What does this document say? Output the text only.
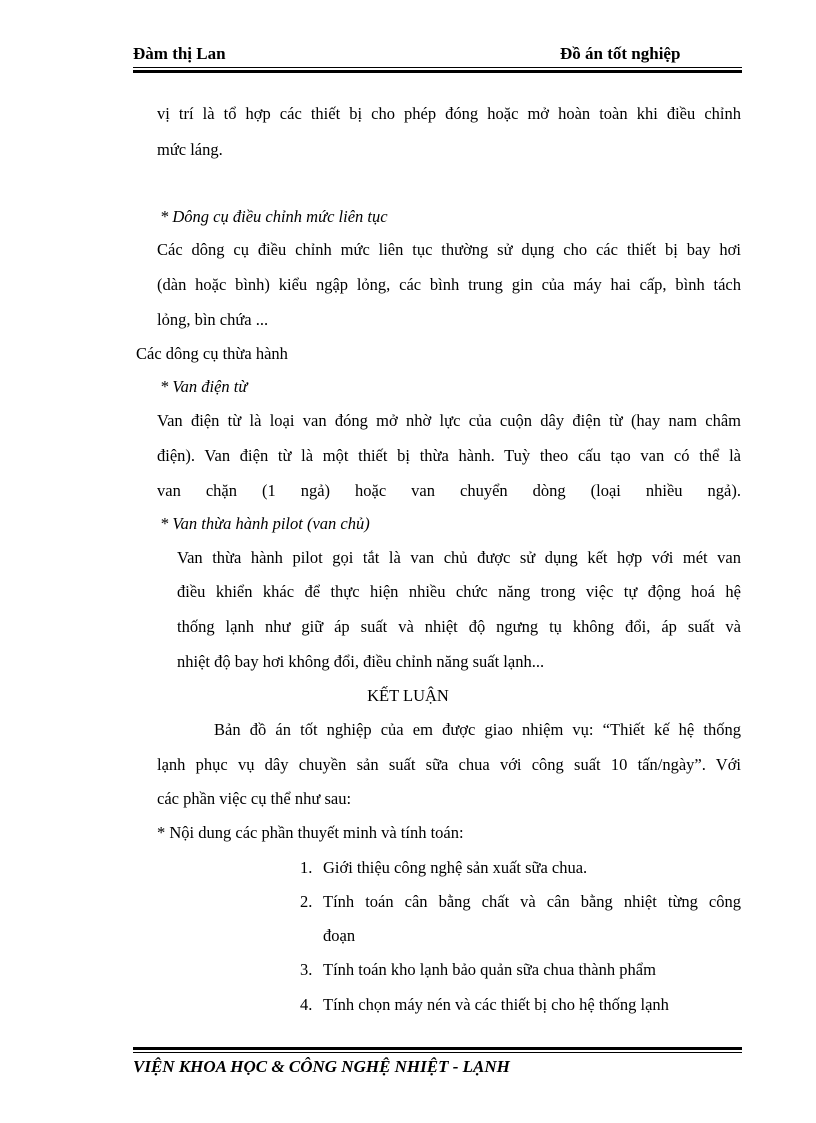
Đàm thị Lan	Đồ án tốt nghiệp
vị trí là tổ hợp các thiết bị cho phép đóng hoặc mở hoàn toàn khi điều chỉnh
mức láng.
* Dông cụ điều chỉnh mức liên tục
Các dông cụ điều chỉnh mức liên tục thường sử dụng cho các thiết bị bay hơi
(dàn hoặc bình) kiểu ngập lỏng, các bình trung gin của máy hai cấp, bình tách
lỏng, bìn chứa ...
Các dông cụ thừa hành
* Van điện từ
Van điện từ là loại van đóng mở nhờ lực của cuộn dây điện từ (hay nam châm
điện). Van điện từ là một thiết bị thừa hành. Tuỳ theo cấu tạo van có thể là
van chặn (1 ngả) hoặc van chuyển dòng (loại nhiều ngả).
* Van thừa hành pilot (van chủ)
Van thừa hành pilot gọi tắt là van chủ được sử dụng kết hợp với mét van
điều khiển khác để thực hiện nhiều chức năng trong việc tự động hoá hệ
thống lạnh như giữ áp suất và nhiệt độ ngưng tụ không đổi, áp suất và
nhiệt độ bay hơi không đổi, điều chỉnh năng suất lạnh...
KẾT LUẬN
Bản đồ án tốt nghiệp của em được giao nhiệm vụ: “Thiết kế hệ thống
lạnh phục vụ dây chuyền sản suất sữa chua với công suất 10 tấn/ngày”. Với
các phần việc cụ thể như sau:
* Nội dung các phần thuyết minh và tính toán:
1. Giới thiệu công nghệ sản xuất sữa chua.
2. Tính toán cân bằng chất và cân bằng nhiệt từng công
đoạn
3. Tính toán kho lạnh bảo quản sữa chua thành phẩm
4. Tính chọn máy nén và các thiết bị cho hệ thống lạnh
VIỆN KHOA HỌC & CÔNG NGHỆ NHIỆT - LẠNH
